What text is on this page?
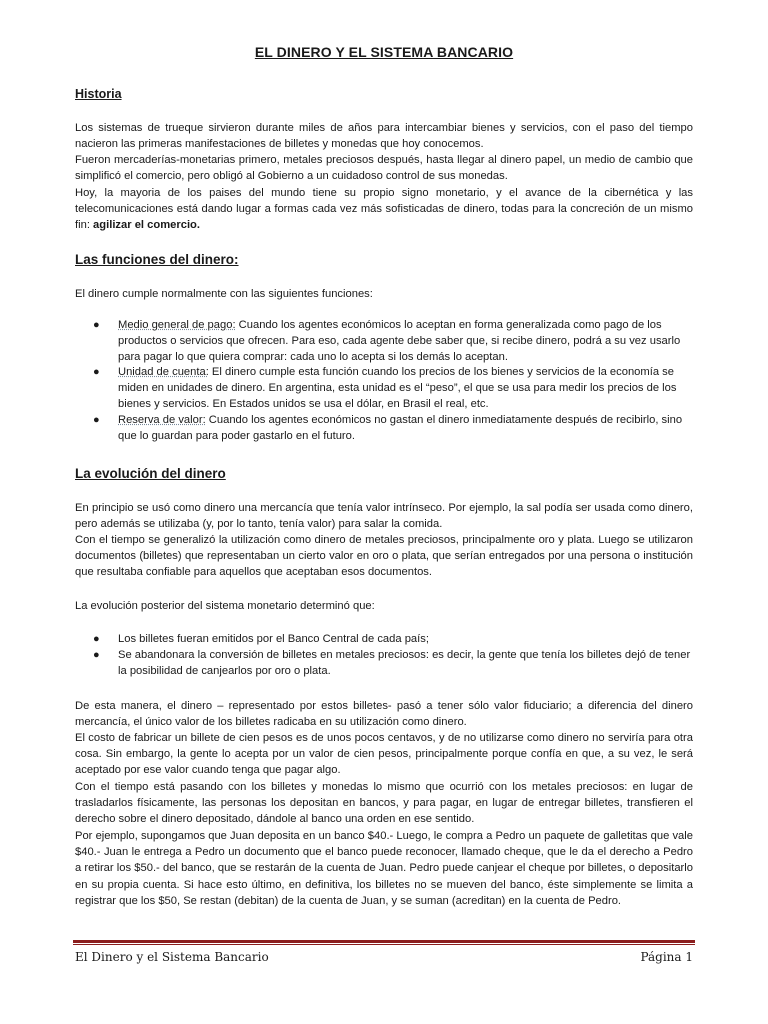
EL DINERO Y EL SISTEMA BANCARIO
Historia

Los sistemas de trueque sirvieron durante miles de años para intercambiar bienes y servicios, con el paso del tiempo nacieron las primeras manifestaciones de billetes y monedas que hoy conocemos.

Fueron mercaderías-monetarias primero, metales preciosos después, hasta llegar al dinero papel, un medio de cambio que simplificó el comercio, pero obligó al Gobierno a un cuidadoso control de sus monedas.

Hoy, la mayoria de los paises del mundo tiene su propio signo monetario, y el avance de la cibernética y las telecomunicaciones está dando lugar a formas cada vez más sofisticadas de dinero, todas para la concreción de un mismo fin: agilizar el comercio.

Las funciones del dinero:

El dinero cumple normalmente con las siguientes funciones:

● Medio general de pago: Cuando los agentes económicos lo aceptan en forma generalizada como pago de los productos o servicios que ofrecen. Para eso, cada agente debe saber que, si recibe dinero, podrá a su vez usarlo para pagar lo que quiera comprar: cada uno lo acepta si los demás lo aceptan.
● Unidad de cuenta: El dinero cumple esta función cuando los precios de los bienes y servicios de la economía se miden en unidades de dinero. En argentina, esta unidad es el “peso”, el que se usa para medir los precios de los bienes y servicios. En Estados unidos se usa el dólar, en Brasil el real, etc.
● Reserva de valor: Cuando los agentes económicos no gastan el dinero inmediatamente después de recibirlo, sino que lo guardan para poder gastarlo en el futuro.
La evolución del dinero

En principio se usó como dinero una mercancía que tenía valor intrínseco. Por ejemplo, la sal podía ser usada como dinero, pero además se utilizaba (y, por lo tanto, tenía valor) para salar la comida.

Con el tiempo se generalizó la utilización como dinero de metales preciosos, principalmente oro y plata. Luego se utilizaron documentos (billetes) que representaban un cierto valor en oro o plata, que serían entregados por una persona o institución que resultaba confiable para aquellos que aceptaban esos documentos.

La evolución posterior del sistema monetario determinó que:

● Los billetes fueran emitidos por el Banco Central de cada país;
● Se abandonara la conversión de billetes en metales preciosos: es decir, la gente que tenía los billetes dejó de tener la posibilidad de canjearlos por oro o plata.

De esta manera, el dinero – representado por estos billetes- pasó a tener sólo valor fiduciario; a diferencia del dinero mercancía, el único valor de los billetes radicaba en su utilización como dinero.

El costo de fabricar un billete de cien pesos es de unos pocos centavos, y de no utilizarse como dinero no serviría para otra cosa. Sin embargo, la gente lo acepta por un valor de cien pesos, principalmente porque confía en que, a su vez, le será aceptado por ese valor cuando tenga que pagar algo.

Con el tiempo está pasando con los billetes y monedas lo mismo que ocurrió con los metales preciosos: en lugar de trasladarlos físicamente, las personas los depositan en bancos, y para pagar, en lugar de entregar billetes, transfieren el derecho sobre el dinero depositado, dándole al banco una orden en ese sentido.

Por ejemplo, supongamos que Juan deposita en un banco $40.- Luego, le compra a Pedro un paquete de galletitas que vale $40.- Juan le entrega a Pedro un documento que el banco puede reconocer, llamado cheque, que le da el derecho a Pedro a retirar los $50.- del banco, que se restarán de la cuenta de Juan. Pedro puede canjear el cheque por billetes, o depositarlo en su propia cuenta. Si hace esto último, en definitiva, los billetes no se mueven del banco, éste simplemente se limita a registrar que los $50, Se restan (debitan) de la cuenta de Juan, y se suman (acreditan) en la cuenta de Pedro.

El Dinero y el Sistema Bancario	Página 1
